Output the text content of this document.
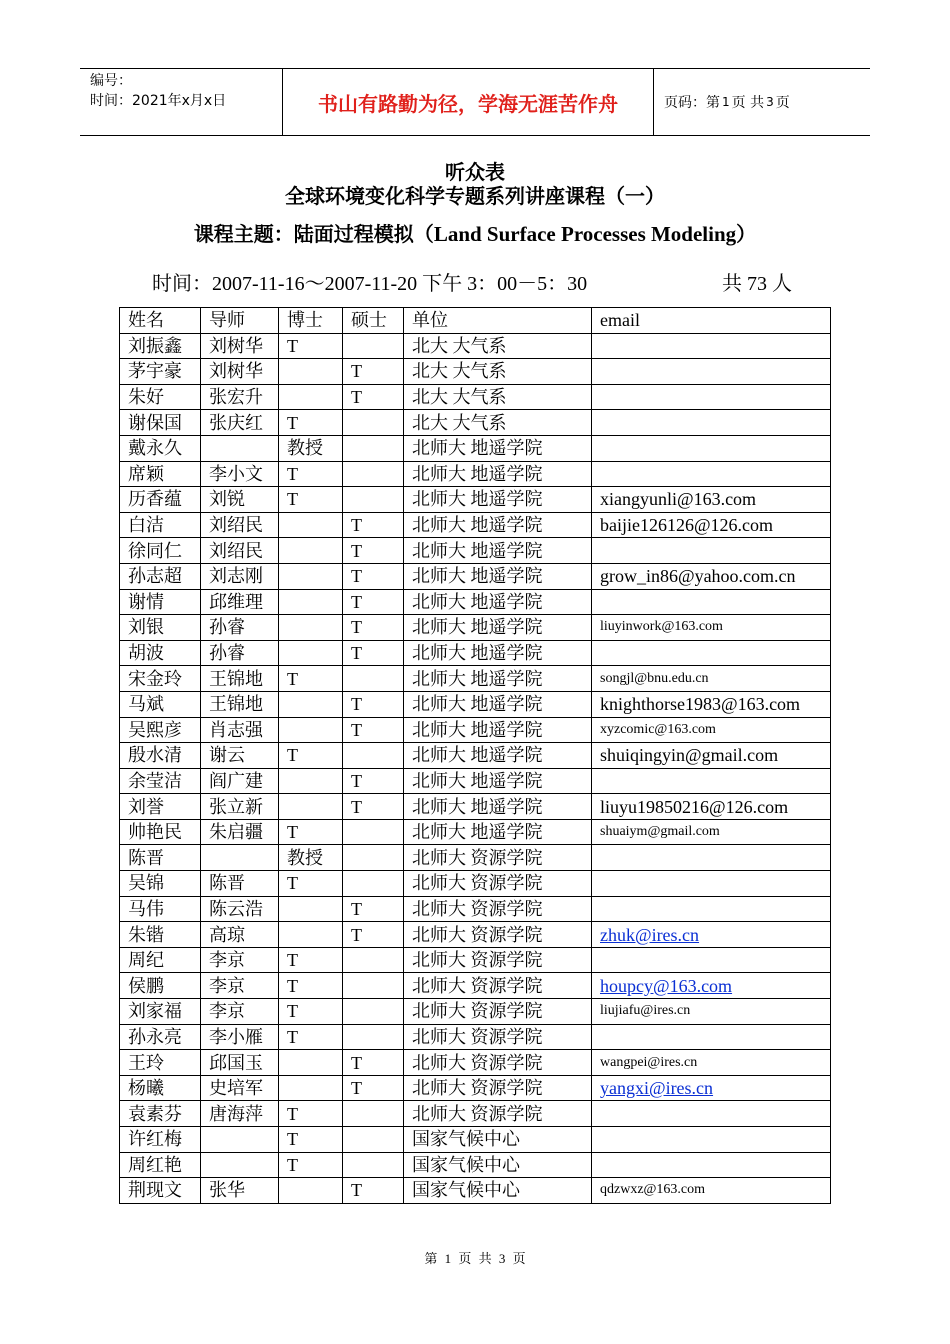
编号：
时间：2021年x月x日	书山有路勤为径，学海无涯苦作舟	页码：第 1 页 共 3 页
听众表
全球环境变化科学专题系列讲座课程（一）
课程主题：陆面过程模拟（Land Surface Processes Modeling）
时间：2007-11-16～2007-11-20 下午 3：00－5：30	共 73 人
姓名	导师	博士	硕士	单位	email
刘振鑫	刘树华	T		北大 大气系	
茅宇豪	刘树华		T	北大 大气系	
朱好	张宏升		T	北大 大气系	
谢保国	张庆红	T		北大 大气系	
戴永久		教授		北师大 地遥学院	
席颖	李小文	T		北师大 地遥学院	
历香蕴	刘锐	T		北师大 地遥学院	xiangyunli@163.com
白洁	刘绍民		T	北师大 地遥学院	baijie126126@126.com
徐同仁	刘绍民		T	北师大 地遥学院	
孙志超	刘志刚		T	北师大 地遥学院	grow_in86@yahoo.com.cn
谢情	邱维理		T	北师大 地遥学院	
刘银	孙睿		T	北师大 地遥学院	liuyinwork@163.com
胡波	孙睿		T	北师大 地遥学院	
宋金玲	王锦地	T		北师大 地遥学院	songjl@bnu.edu.cn
马斌	王锦地		T	北师大 地遥学院	knighthorse1983@163.com
吴熙彦	肖志强		T	北师大 地遥学院	xyzcomic@163.com
殷水清	谢云	T		北师大 地遥学院	shuiqingyin@gmail.com
余莹洁	阎广建		T	北师大 地遥学院	
刘誉	张立新		T	北师大 地遥学院	liuyu19850216@126.com
帅艳民	朱启疆	T		北师大 地遥学院	shuaiym@gmail.com
陈晋		教授		北师大 资源学院	
吴锦	陈晋	T		北师大 资源学院	
马伟	陈云浩		T	北师大 资源学院	
朱锴	高琼		T	北师大 资源学院	zhuk@ires.cn
周纪	李京	T		北师大 资源学院	
侯鹏	李京	T		北师大 资源学院	houpcy@163.com
刘家福	李京	T		北师大 资源学院	liujiafu@ires.cn
孙永亮	李小雁	T		北师大 资源学院	
王玲	邱国玉		T	北师大 资源学院	wangpei@ires.cn
杨曦	史培军		T	北师大 资源学院	yangxi@ires.cn
袁素芬	唐海萍	T		北师大 资源学院	
许红梅		T		国家气候中心	
周红艳		T		国家气候中心	
荆现文	张华		T	国家气候中心	qdzwxz@163.com
第 1 页 共 3 页
